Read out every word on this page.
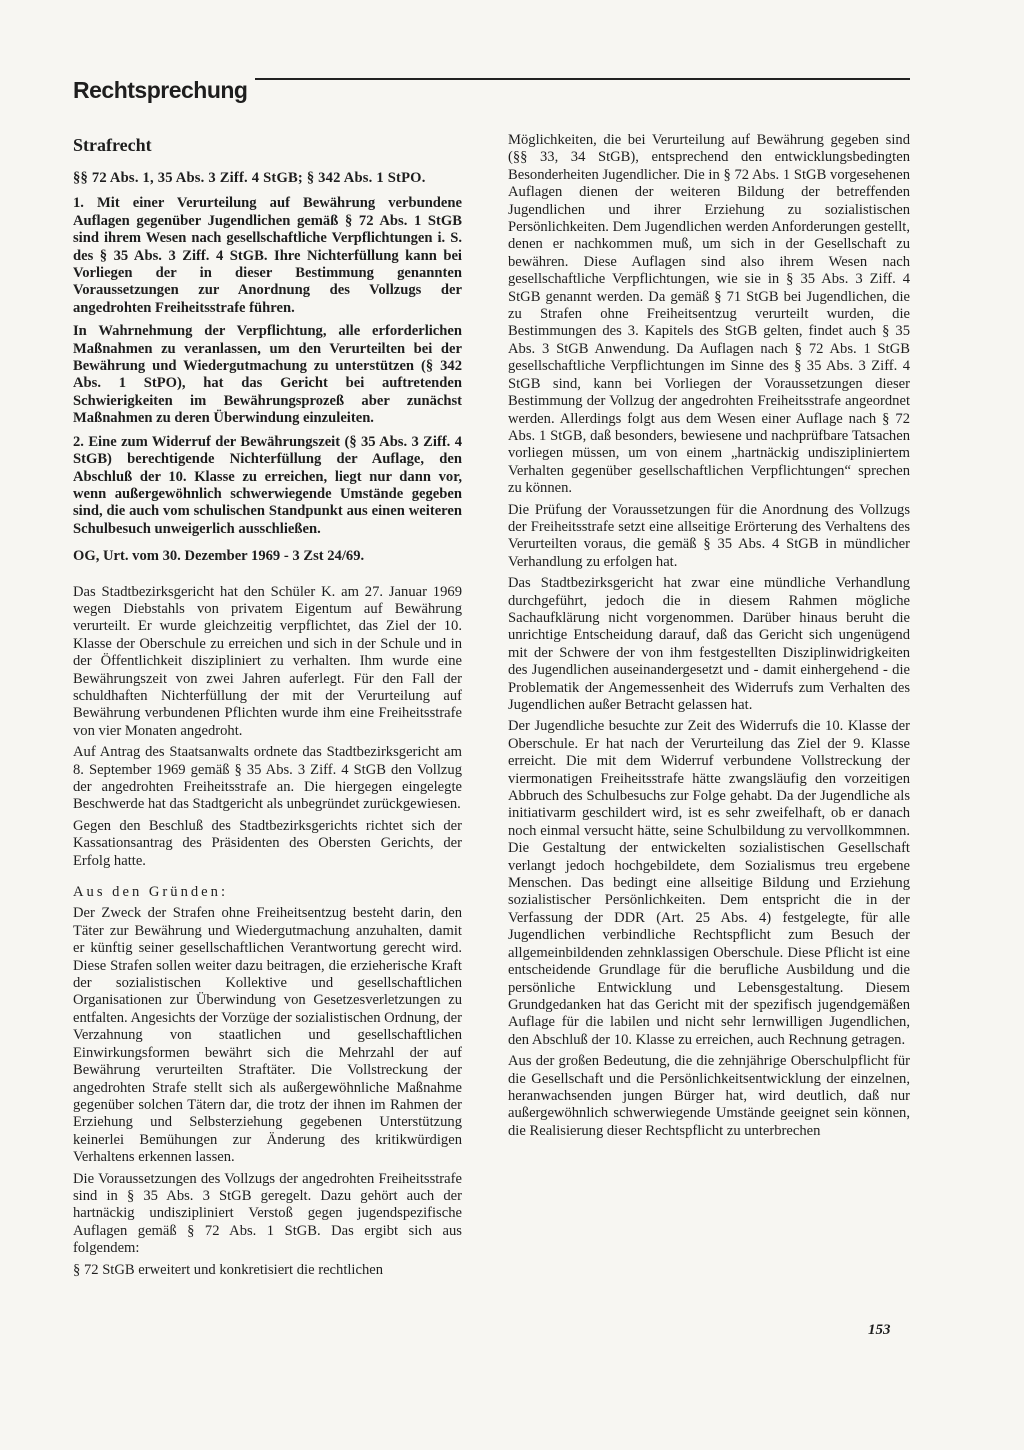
Rechtsprechung
Strafrecht

§§ 72 Abs. 1, 35 Abs. 3 Ziff. 4 StGB; § 342 Abs. 1 StPO.

1. Mit einer Verurteilung auf Bewährung verbundene Auflagen gegenüber Jugendlichen gemäß § 72 Abs. 1 StGB sind ihrem Wesen nach gesellschaftliche Verpflichtungen i. S. des § 35 Abs. 3 Ziff. 4 StGB. Ihre Nichterfüllung kann bei Vorliegen der in dieser Bestimmung genannten Voraussetzungen zur Anordnung des Vollzugs der angedrohten Freiheitsstrafe führen.

In Wahrnehmung der Verpflichtung, alle erforderlichen Maßnahmen zu veranlassen, um den Verurteilten bei der Bewährung und Wiedergutmachung zu unterstützen (§ 342 Abs. 1 StPO), hat das Gericht bei auftretenden Schwierigkeiten im Bewährungsprozeß aber zunächst Maßnahmen zu deren Überwindung einzuleiten.

2. Eine zum Widerruf der Bewährungszeit (§ 35 Abs. 3 Ziff. 4 StGB) berechtigende Nichterfüllung der Auflage, den Abschluß der 10. Klasse zu erreichen, liegt nur dann vor, wenn außergewöhnlich schwerwiegende Umstände gegeben sind, die auch vom schulischen Standpunkt aus einen weiteren Schulbesuch unweigerlich ausschließen.

OG, Urt. vom 30. Dezember 1969 - 3 Zst 24/69.

Das Stadtbezirksgericht hat den Schüler K. am 27. Januar 1969 wegen Diebstahls von privatem Eigentum auf Bewährung verurteilt. Er wurde gleichzeitig verpflichtet, das Ziel der 10. Klasse der Oberschule zu erreichen und sich in der Schule und in der Öffentlichkeit diszipliniert zu verhalten. Ihm wurde eine Bewährungszeit von zwei Jahren auferlegt. Für den Fall der schuldhaften Nichterfüllung der mit der Verurteilung auf Bewährung verbundenen Pflichten wurde ihm eine Freiheitsstrafe von vier Monaten angedroht.

Auf Antrag des Staatsanwalts ordnete das Stadtbezirksgericht am 8. September 1969 gemäß § 35 Abs. 3 Ziff. 4 StGB den Vollzug der angedrohten Freiheitsstrafe an. Die hiergegen eingelegte Beschwerde hat das Stadtgericht als unbegründet zurückgewiesen.

Gegen den Beschluß des Stadtbezirksgerichts richtet sich der Kassationsantrag des Präsidenten des Obersten Gerichts, der Erfolg hatte.

Aus den Gründen:

Der Zweck der Strafen ohne Freiheitsentzug besteht darin, den Täter zur Bewährung und Wiedergutmachung anzuhalten, damit er künftig seiner gesellschaftlichen Verantwortung gerecht wird. Diese Strafen sollen weiter dazu beitragen, die erzieherische Kraft der sozialistischen Kollektive und gesellschaftlichen Organisationen zur Überwindung von Gesetzesverletzungen zu entfalten. Angesichts der Vorzüge der sozialistischen Ordnung, der Verzahnung von staatlichen und gesellschaftlichen Einwirkungsformen bewährt sich die Mehrzahl der auf Bewährung verurteilten Straftäter. Die Vollstreckung der angedrohten Strafe stellt sich als außergewöhnliche Maßnahme gegenüber solchen Tätern dar, die trotz der ihnen im Rahmen der Erziehung und Selbsterziehung gegebenen Unterstützung keinerlei Bemühungen zur Änderung des kritikwürdigen Verhaltens erkennen lassen.

Die Voraussetzungen des Vollzugs der angedrohten Freiheitsstrafe sind in § 35 Abs. 3 StGB geregelt. Dazu gehört auch der hartnäckig undiszipliniert Verstoß gegen jugendspezifische Auflagen gemäß § 72 Abs. 1 StGB. Das ergibt sich aus folgendem:

§ 72 StGB erweitert und konkretisiert die rechtlichen

Möglichkeiten, die bei Verurteilung auf Bewährung gegeben sind (§§ 33, 34 StGB), entsprechend den entwicklungsbedingten Besonderheiten Jugendlicher. Die in § 72 Abs. 1 StGB vorgesehenen Auflagen dienen der weiteren Bildung der betreffenden Jugendlichen und ihrer Erziehung zu sozialistischen Persönlichkeiten. Dem Jugendlichen werden Anforderungen gestellt, denen er nachkommen muß, um sich in der Gesellschaft zu bewähren. Diese Auflagen sind also ihrem Wesen nach gesellschaftliche Verpflichtungen, wie sie in § 35 Abs. 3 Ziff. 4 StGB genannt werden. Da gemäß § 71 StGB bei Jugendlichen, die zu Strafen ohne Freiheitsentzug verurteilt wurden, die Bestimmungen des 3. Kapitels des StGB gelten, findet auch § 35 Abs. 3 StGB Anwendung. Da Auflagen nach § 72 Abs. 1 StGB gesellschaftliche Verpflichtungen im Sinne des § 35 Abs. 3 Ziff. 4 StGB sind, kann bei Vorliegen der Voraussetzungen dieser Bestimmung der Vollzug der angedrohten Freiheitsstrafe angeordnet werden. Allerdings folgt aus dem Wesen einer Auflage nach § 72 Abs. 1 StGB, daß besonders, bewiesene und nachprüfbare Tatsachen vorliegen müssen, um von einem „hartnäckig undiszipliniertem Verhalten gegenüber gesellschaftlichen Verpflichtungen“ sprechen zu können.

Die Prüfung der Voraussetzungen für die Anordnung des Vollzugs der Freiheitsstrafe setzt eine allseitige Erörterung des Verhaltens des Verurteilten voraus, die gemäß § 35 Abs. 4 StGB in mündlicher Verhandlung zu erfolgen hat.

Das Stadtbezirksgericht hat zwar eine mündliche Verhandlung durchgeführt, jedoch die in diesem Rahmen mögliche Sachaufklärung nicht vorgenommen. Darüber hinaus beruht die unrichtige Entscheidung darauf, daß das Gericht sich ungenügend mit der Schwere der von ihm festgestellten Disziplinwidrigkeiten des Jugendlichen auseinandergesetzt und - damit einhergehend - die Problematik der Angemessenheit des Widerrufs zum Verhalten des Jugendlichen außer Betracht gelassen hat.

Der Jugendliche besuchte zur Zeit des Widerrufs die 10. Klasse der Oberschule. Er hat nach der Verurteilung das Ziel der 9. Klasse erreicht. Die mit dem Widerruf verbundene Vollstreckung der viermonatigen Freiheitsstrafe hätte zwangsläufig den vorzeitigen Abbruch des Schulbesuchs zur Folge gehabt. Da der Jugendliche als initiativarm geschildert wird, ist es sehr zweifelhaft, ob er danach noch einmal versucht hätte, seine Schulbildung zu vervollkommnen. Die Gestaltung der entwickelten sozialistischen Gesellschaft verlangt jedoch hochgebildete, dem Sozialismus treu ergebene Menschen. Das bedingt eine allseitige Bildung und Erziehung sozialistischer Persönlichkeiten. Dem entspricht die in der Verfassung der DDR (Art. 25 Abs. 4) festgelegte, für alle Jugendlichen verbindliche Rechtspflicht zum Besuch der allgemeinbildenden zehnklassigen Oberschule. Diese Pflicht ist eine entscheidende Grundlage für die berufliche Ausbildung und die persönliche Entwicklung und Lebensgestaltung. Diesem Grundgedanken hat das Gericht mit der spezifisch jugendgemäßen Auflage für die labilen und nicht sehr lernwilligen Jugendlichen, den Abschluß der 10. Klasse zu erreichen, auch Rechnung getragen.

Aus der großen Bedeutung, die die zehnjährige Oberschulpflicht für die Gesellschaft und die Persönlichkeitsentwicklung der einzelnen, heranwachsenden jungen Bürger hat, wird deutlich, daß nur außergewöhnlich schwerwiegende Umstände geeignet sein können, die Realisierung dieser Rechtspflicht zu unterbrechen

153
